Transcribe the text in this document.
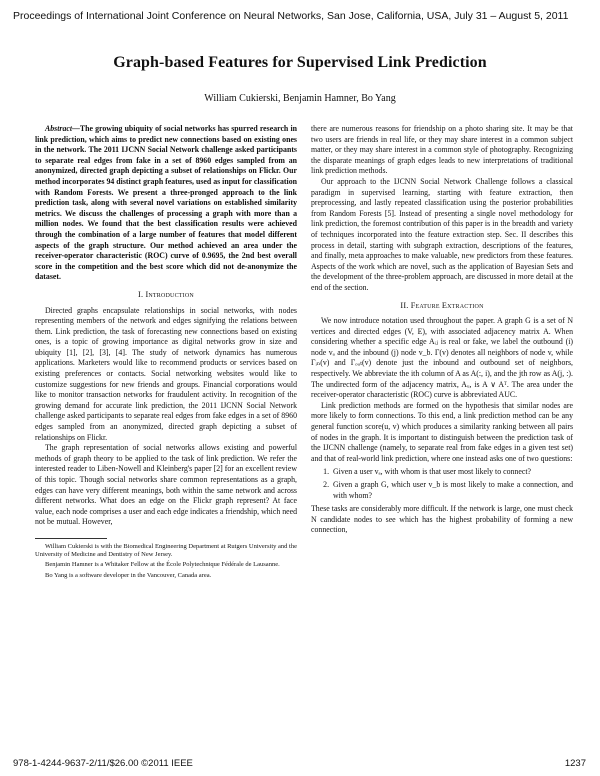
Proceedings of International Joint Conference on Neural Networks, San Jose, California, USA, July 31 – August 5, 2011
Graph-based Features for Supervised Link Prediction
William Cukierski, Benjamin Hamner, Bo Yang

Abstract—The growing ubiquity of social networks has spurred research in link prediction, which aims to predict new connections based on existing ones in the network. The 2011 IJCNN Social Network challenge asked participants to separate real edges from fake in a set of 8960 edges sampled from an anonymized, directed graph depicting a subset of relationships on Flickr. Our method incorporates 94 distinct graph features, used as input for classification with Random Forests. We present a three-pronged approach to the link prediction task, along with several novel variations on established similarity metrics. We discuss the challenges of processing a graph with more than a million nodes. We found that the best classification results were achieved through the combination of a large number of features that model different aspects of the graph structure. Our method achieved an area under the receiver-operator characteristic (ROC) curve of 0.9695, the 2nd best overall score in the competition and the best score which did not de-anonymize the dataset.

I. Introduction

Directed graphs encapsulate relationships in social networks, with nodes representing members of the network and edges signifying the relations between them. Link prediction, the task of forecasting new connections based on existing ones, is a topic of growing importance as digital networks grow in size and ubiquity [1], [2], [3], [4]. The study of network dynamics has numerous applications. Marketers would like to recommend products or services based on existing preferences or contacts. Social networking websites would like to customize suggestions for new friends and groups. Financial corporations would like to monitor transaction networks for fraudulent activity. In recognition of the growing demand for accurate link prediction, the 2011 IJCNN Social Network challenge asked participants to separate real edges from fake edges in a set of 8960 edges sampled from an anonymized, directed graph depicting a subset of relationships on Flickr.

The graph representation of social networks allows existing and powerful methods of graph theory to be applied to the task of link prediction. We refer the interested reader to Liben-Nowell and Kleinberg's paper [2] for an excellent review of this topic. Though social networks share common representations as a graph, edges can have very different meanings, both within the same network and across different networks. What does an edge on the Flickr graph represent? At face value, each node comprises a user and each edge indicates a friendship, which need not be mutual. However,

William Cukierski is with the Biomedical Engineering Department at Rutgers University and the University of Medicine and Dentistry of New Jersey.

Benjamin Hamner is a Whitaker Fellow at the École Polytechnique Fédérale de Lausanne.

Bo Yang is a software developer in the Vancouver, Canada area.

there are numerous reasons for friendship on a photo sharing site. It may be that two users are friends in real life, or they may share interest in a common subject matter, or they may share interest in a common style of photography. Recognizing the disparate meanings of graph edges leads to new interpretations of traditional link prediction methods.

Our approach to the IJCNN Social Network Challenge follows a classical paradigm in supervised learning, starting with feature extraction, then preprocessing, and lastly repeated classification using the posterior probabilities from Random Forests [5]. Instead of presenting a single novel methodology for link prediction, the foremost contribution of this paper is in the breadth and variety of techniques incorporated into the feature extraction step. Sec. II describes this process in detail, starting with subgraph extraction, descriptions of the features, and finally, meta approaches to make valuable, new predictors from these features. Aspects of the work which are novel, such as the application of Bayesian Sets and the development of the three-problem approach, are discussed in more detail at the end of the section.

II. Feature Extraction

We now introduce notation used throughout the paper. A graph G is a set of N vertices and directed edges (V, E), with associated adjacency matrix A. When considering whether a specific edge Aᵢⱼ is real or fake, we label the outbound (i) node vₐ and the inbound (j) node v_b. Γ(v) denotes all neighbors of node v, while Γᵢₙ(v) and Γₒᵤₜ(v) denote just the inbound and outbound set of neighbors, respectively. We abbreviate the ith column of A as A(:, i), and the jth row as A(j, :). The undirected form of the adjacency matrix, Aᵤ, is A ∨ Aᵀ. The area under the receiver-operator characteristic (ROC) curve is abbreviated AUC.

Link prediction methods are formed on the hypothesis that similar nodes are more likely to form connections. To this end, a link prediction method can be any general function score(u, v) which produces a similarity ranking between all pairs of nodes in the graph. It is important to distinguish between the prediction task of the IJCNN challenge (namely, to separate real from fake edges in a given test set) and that of real-world link prediction, where one instead asks one of two questions:

1. Given a user vₐ, with whom is that user most likely to connect?
2. Given a graph G, which user v_b is most likely to make a connection, and with whom?

These tasks are considerably more difficult. If the network is large, one must check N candidate nodes to see which has the highest probability of forming a new connection,

978-1-4244-9637-2/11/$26.00 ©2011 IEEE	1237
